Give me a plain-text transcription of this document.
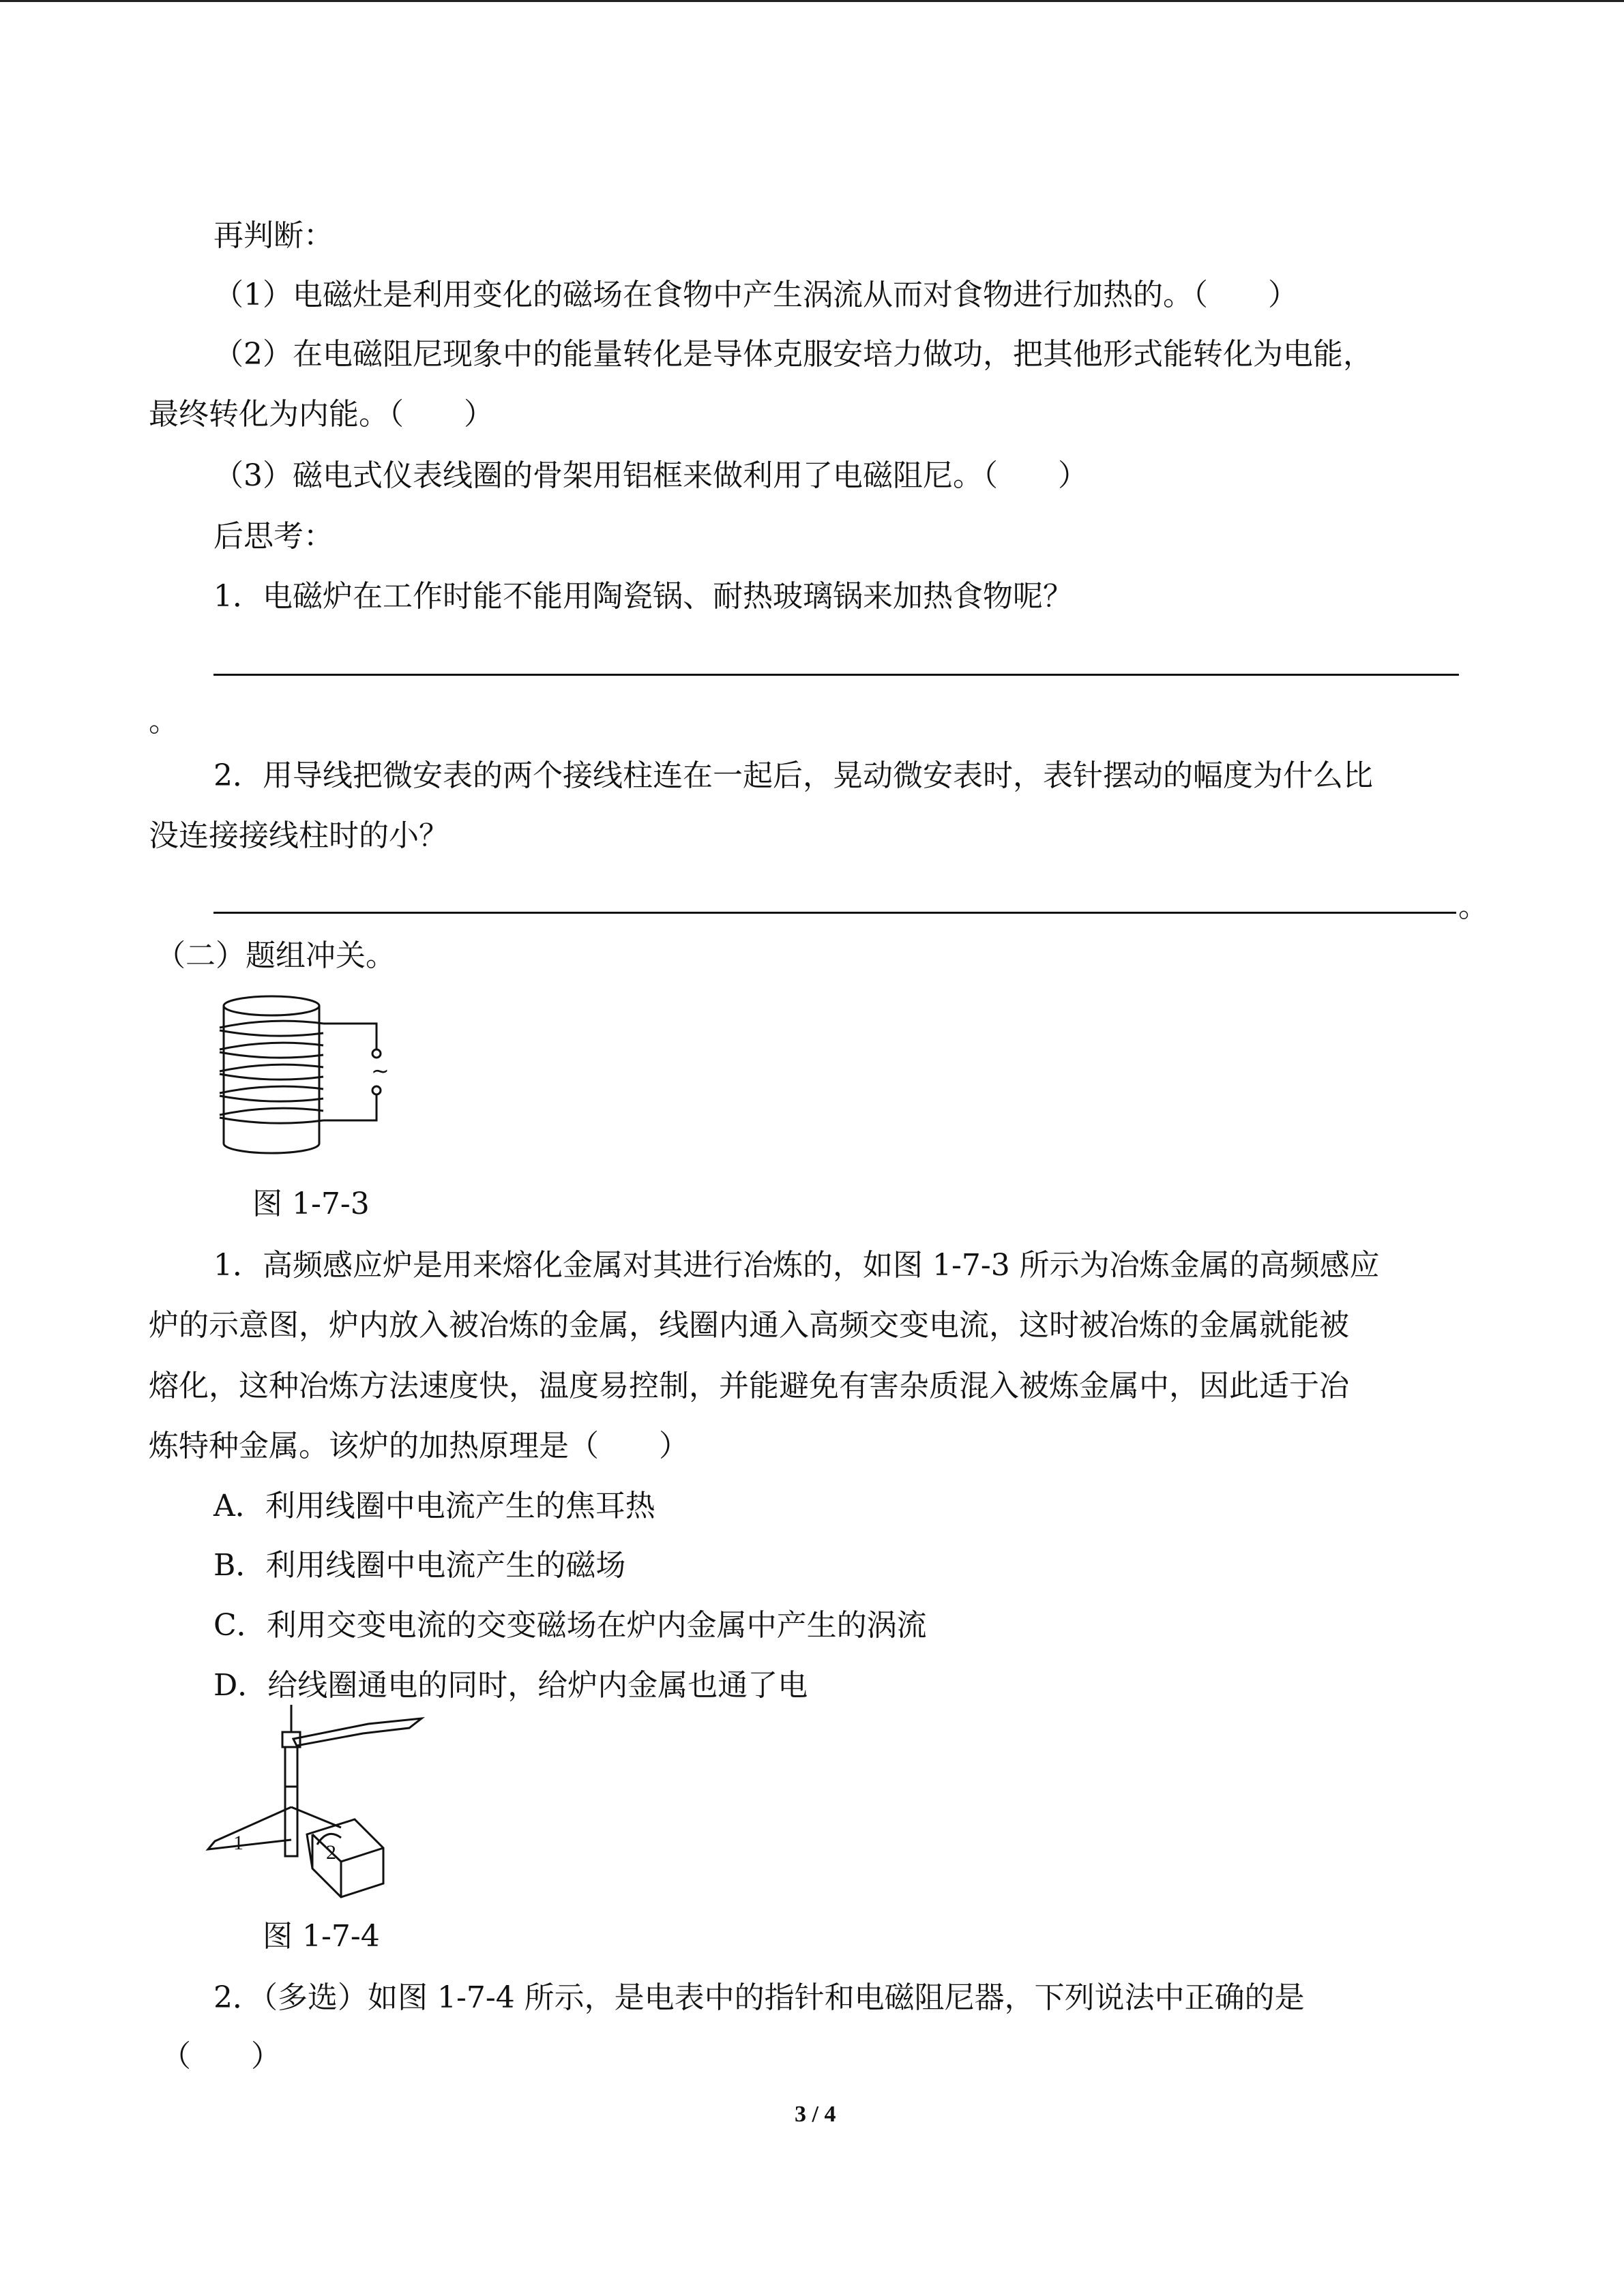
再判断：

（1）电磁灶是利用变化的磁场在食物中产生涡流从而对食物进行加热的。（　　）

（2）在电磁阻尼现象中的能量转化是导体克服安培力做功，把其他形式能转化为电能，

最终转化为内能。（　　）

（3）磁电式仪表线圈的骨架用铝框来做利用了电磁阻尼。（　　）

后思考：

1．电磁炉在工作时能不能用陶瓷锅、耐热玻璃锅来加热食物呢？

。

2．用导线把微安表的两个接线柱连在一起后，晃动微安表时，表针摆动的幅度为什么比

没连接接线柱时的小？

。

（二）题组冲关。

~

图 1-7-3

1．高频感应炉是用来熔化金属对其进行冶炼的，如图 1-7-3 所示为冶炼金属的高频感应

炉的示意图，炉内放入被冶炼的金属，线圈内通入高频交变电流，这时被冶炼的金属就能被

熔化，这种冶炼方法速度快，温度易控制，并能避免有害杂质混入被炼金属中，因此适于冶

炼特种金属。该炉的加热原理是（　　）

A．利用线圈中电流产生的焦耳热

B．利用线圈中电流产生的磁场

C．利用交变电流的交变磁场在炉内金属中产生的涡流

D．给线圈通电的同时，给炉内金属也通了电

1	2

图 1-7-4

2．（多选）如图 1-7-4 所示，是电表中的指针和电磁阻尼器，下列说法中正确的是

（　　）

3 / 4
